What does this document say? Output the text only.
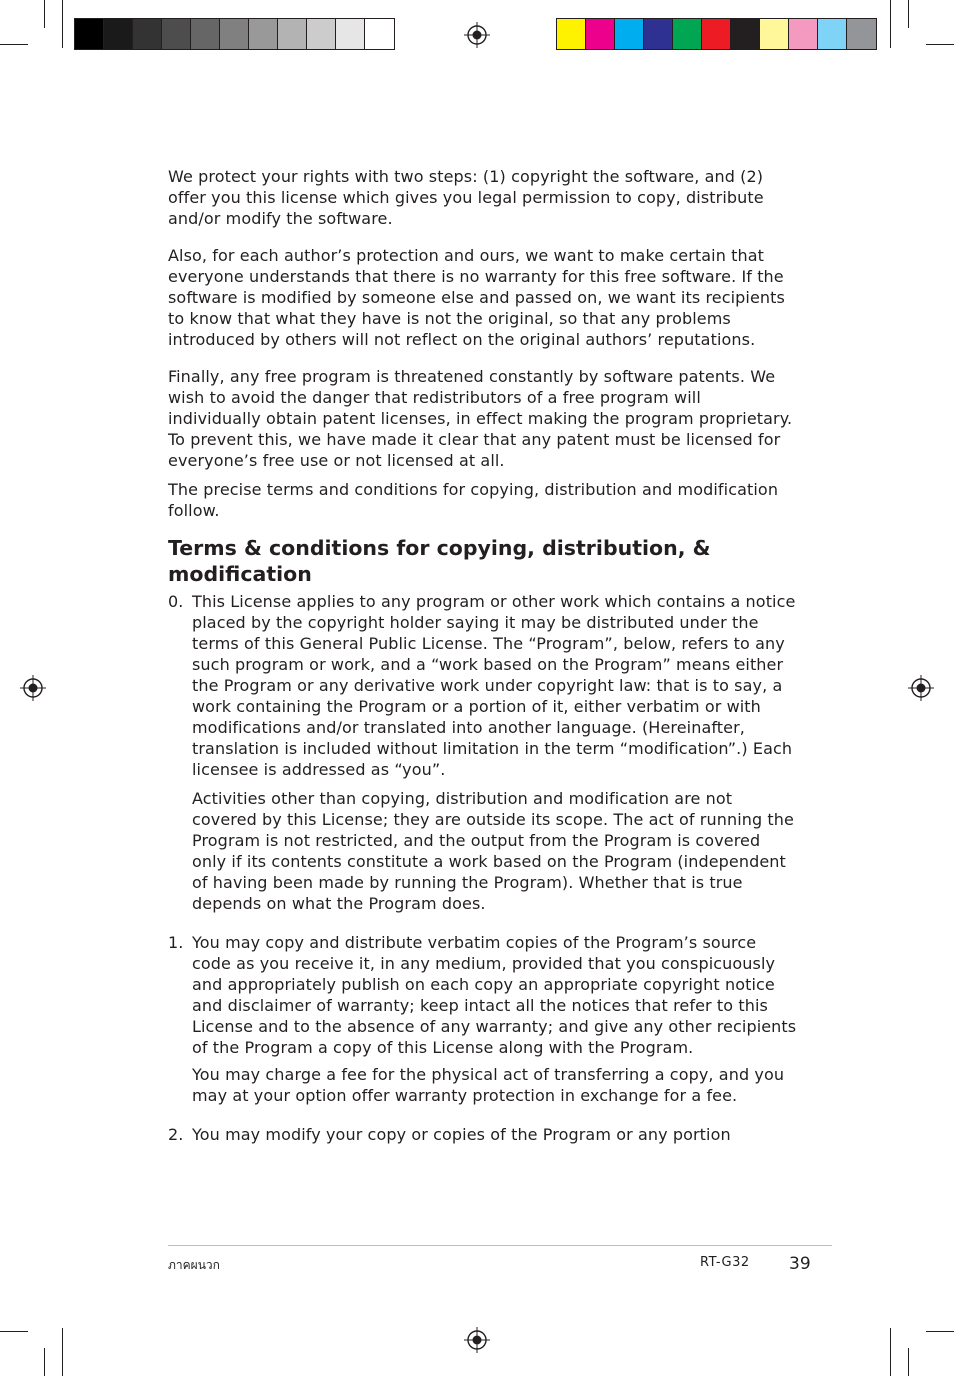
We protect your rights with two steps: (1) copyright the software, and (2) offer you this license which gives you legal permission to copy, distribute and/or modify the software.

Also, for each author’s protection and ours, we want to make certain that everyone understands that there is no warranty for this free software. If the software is modified by someone else and passed on, we want its recipients to know that what they have is not the original, so that any problems introduced by others will not reflect on the original authors’ reputations.

Finally, any free program is threatened constantly by software patents. We wish to avoid the danger that redistributors of a free program will individually obtain patent licenses, in effect making the program proprietary. To prevent this, we have made it clear that any patent must be licensed for everyone’s free use or not licensed at all.

The precise terms and conditions for copying, distribution and modification follow.

Terms & conditions for copying, distribution, & modification
0. This License applies to any program or other work which contains a notice placed by the copyright holder saying it may be distributed under the terms of this General Public License. The “Program”, below, refers to any such program or work, and a “work based on the Program” means either the Program or any derivative work under copyright law: that is to say, a work containing the Program or a portion of it, either verbatim or with modifications and/or translated into another language. (Hereinafter, translation is included without limitation in the term “modification”.) Each licensee is addressed as “you”.

Activities other than copying, distribution and modification are not covered by this License; they are outside its scope. The act of running the Program is not restricted, and the output from the Program is covered only if its contents constitute a work based on the Program (independent of having been made by running the Program). Whether that is true depends on what the Program does.

1. You may copy and distribute verbatim copies of the Program’s source code as you receive it, in any medium, provided that you conspicuously and appropriately publish on each copy an appropriate copyright notice and disclaimer of warranty; keep intact all the notices that refer to this License and to the absence of any warranty; and give any other recipients of the Program a copy of this License along with the Program.

You may charge a fee for the physical act of transferring a copy, and you may at your option offer warranty protection in exchange for a fee.

2. You may modify your copy or copies of the Program or any portion

ภาคผนวก	RT-G32 39
